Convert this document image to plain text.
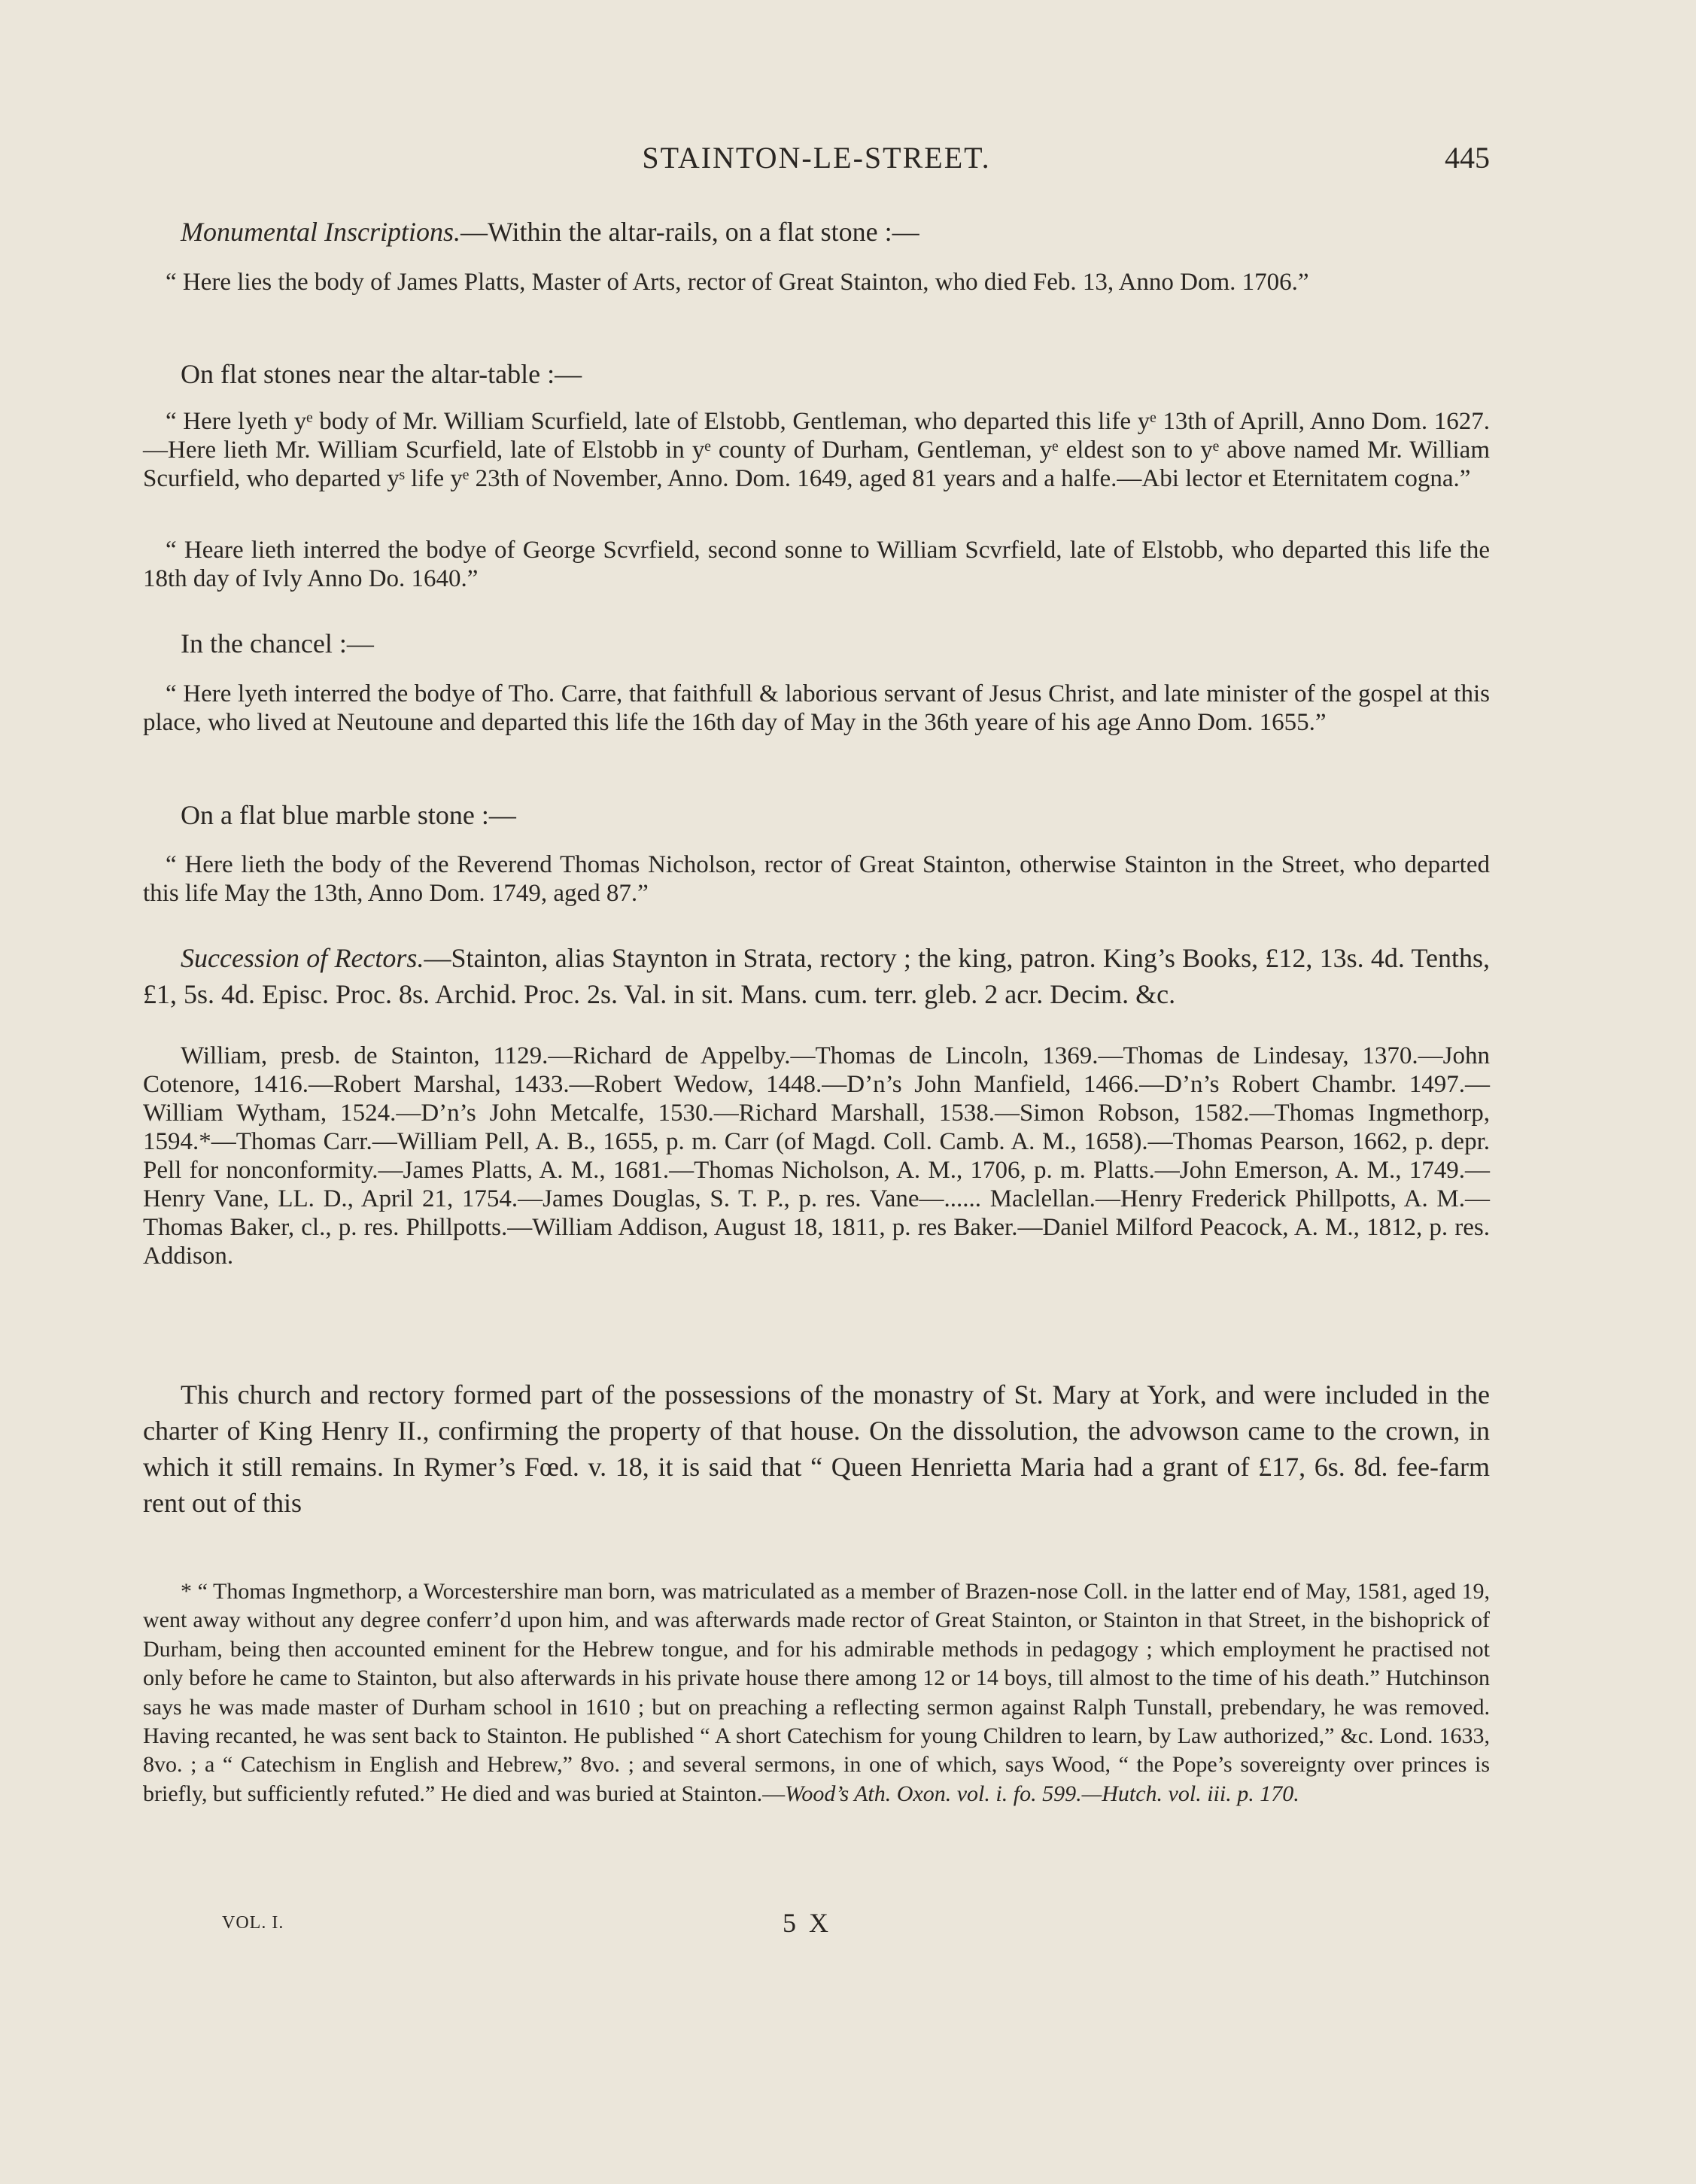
STAINTON-LE-STREET.	445

Monumental Inscriptions.—Within the altar-rails, on a flat stone :—

“ Here lies the body of James Platts, Master of Arts, rector of Great Stainton, who died Feb. 13, Anno Dom. 1706.”

On flat stones near the altar-table :—

“ Here lyeth yᵉ body of Mr. William Scurfield, late of Elstobb, Gentleman, who departed this life yᵉ 13th of Aprill, Anno Dom. 1627.—Here lieth Mr. William Scurfield, late of Elstobb in yᵉ county of Durham, Gentleman, yᵉ eldest son to yᵉ above named Mr. William Scurfield, who departed yˢ life yᵉ 23th of November, Anno. Dom. 1649, aged 81 years and a halfe.—Abi lector et Eternitatem cogna.”

“ Heare lieth interred the bodye of George Scvrfield, second sonne to William Scvrfield, late of Elstobb, who departed this life the 18th day of Ivly Anno Do. 1640.”

In the chancel :—

“ Here lyeth interred the bodye of Tho. Carre, that faithfull & laborious servant of Jesus Christ, and late minister of the gospel at this place, who lived at Neutoune and departed this life the 16th day of May in the 36th yeare of his age Anno Dom. 1655.”

On a flat blue marble stone :—

“ Here lieth the body of the Reverend Thomas Nicholson, rector of Great Stainton, otherwise Stainton in the Street, who departed this life May the 13th, Anno Dom. 1749, aged 87.”

Succession of Rectors.—Stainton, alias Staynton in Strata, rectory ; the king, patron. King’s Books, £12, 13s. 4d. Tenths, £1, 5s. 4d. Episc. Proc. 8s. Archid. Proc. 2s. Val. in sit. Mans. cum. terr. gleb. 2 acr. Decim. &c.

William, presb. de Stainton, 1129.—Richard de Appelby.—Thomas de Lincoln, 1369.—Thomas de Lindesay, 1370.—John Cotenore, 1416.—Robert Marshal, 1433.—Robert Wedow, 1448.—D’n’s John Manfield, 1466.—D’n’s Robert Chambr. 1497.—William Wytham, 1524.—D’n’s John Metcalfe, 1530.—Richard Marshall, 1538.—Simon Robson, 1582.—Thomas Ingmethorp, 1594.*—Thomas Carr.—William Pell, A. B., 1655, p. m. Carr (of Magd. Coll. Camb. A. M., 1658).—Thomas Pearson, 1662, p. depr. Pell for nonconformity.—James Platts, A. M., 1681.—Thomas Nicholson, A. M., 1706, p. m. Platts.—John Emerson, A. M., 1749.—Henry Vane, LL. D., April 21, 1754.—James Douglas, S. T. P., p. res. Vane—...... Maclellan.—Henry Frederick Phillpotts, A. M.—Thomas Baker, cl., p. res. Phillpotts.—William Addison, August 18, 1811, p. res Baker.—Daniel Milford Peacock, A. M., 1812, p. res. Addison.

This church and rectory formed part of the possessions of the monastry of St. Mary at York, and were included in the charter of King Henry II., confirming the property of that house. On the dissolution, the advowson came to the crown, in which it still remains. In Rymer’s Fœd. v. 18, it is said that “ Queen Henrietta Maria had a grant of £17, 6s. 8d. fee-farm rent out of this

* “ Thomas Ingmethorp, a Worcestershire man born, was matriculated as a member of Brazen-nose Coll. in the latter end of May, 1581, aged 19, went away without any degree conferr’d upon him, and was afterwards made rector of Great Stainton, or Stainton in that Street, in the bishoprick of Durham, being then accounted eminent for the Hebrew tongue, and for his admirable methods in pedagogy ; which employment he practised not only before he came to Stainton, but also afterwards in his private house there among 12 or 14 boys, till almost to the time of his death.” Hutchinson says he was made master of Durham school in 1610 ; but on preaching a reflecting sermon against Ralph Tunstall, prebendary, he was removed. Having recanted, he was sent back to Stainton. He published “ A short Catechism for young Children to learn, by Law authorized,” &c. Lond. 1633, 8vo. ; a “ Catechism in English and Hebrew,” 8vo. ; and several sermons, in one of which, says Wood, “ the Pope’s sovereignty over princes is briefly, but sufficiently refuted.” He died and was buried at Stainton.—Wood’s Ath. Oxon. vol. i. fo. 599.—Hutch. vol. iii. p. 170.

VOL. I.	5 X
